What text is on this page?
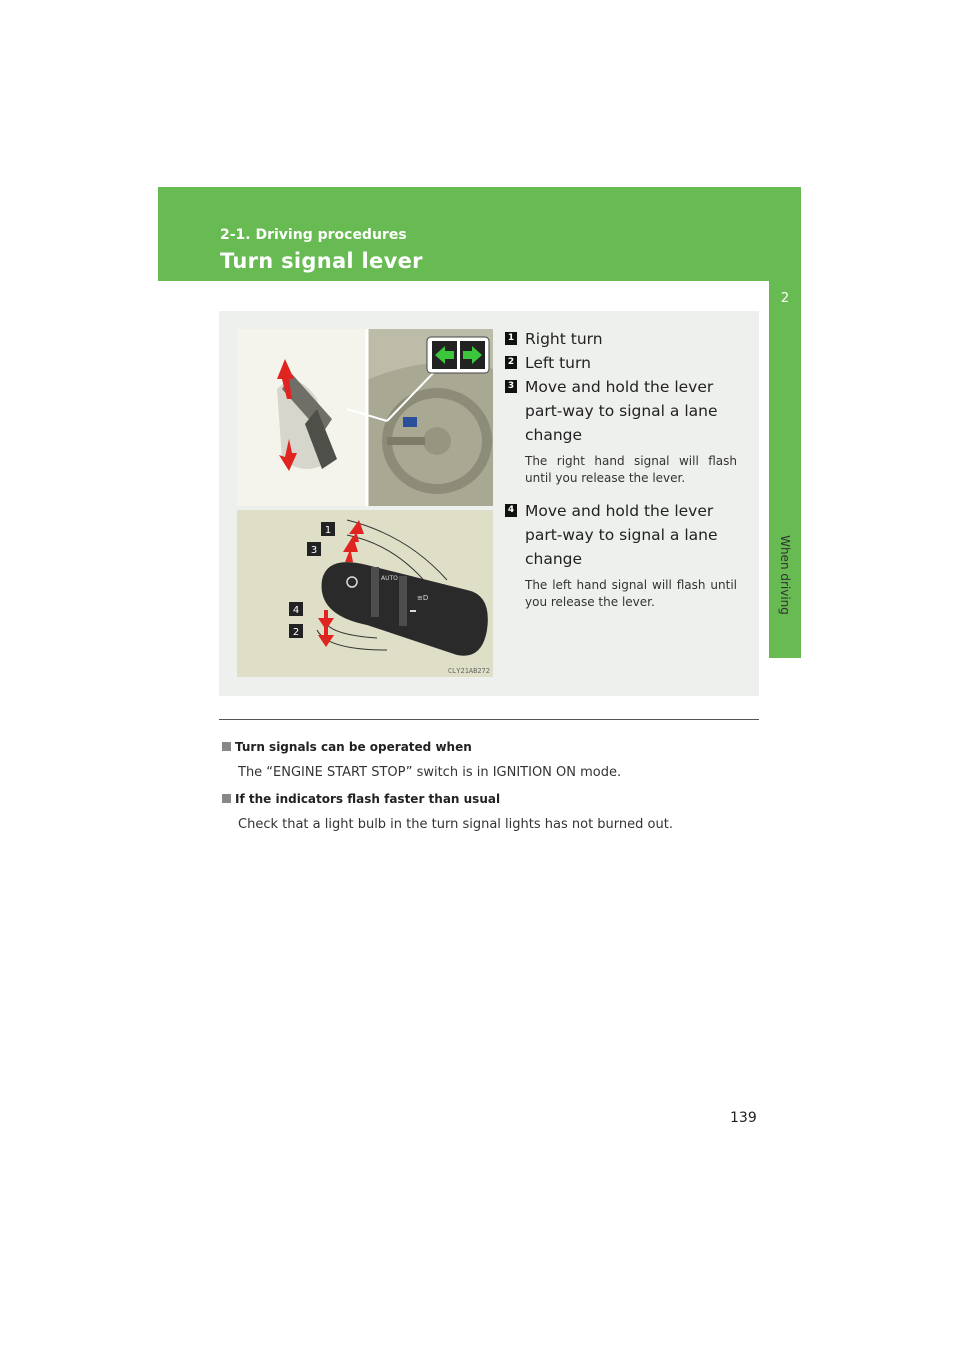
2-1. Driving procedures
Turn signal lever
2
When driving
AUTO
≡D
1
3
4
2
CLY21AB272
1 Right turn
2 Left turn
3 Move and hold the lever part-way to signal a lane change
The right hand signal will flash until you release the lever.
4 Move and hold the lever part-way to signal a lane change
The left hand signal will flash until you release the lever.
Turn signals can be operated when
The “ENGINE START STOP” switch is in IGNITION ON mode.
If the indicators flash faster than usual
Check that a light bulb in the turn signal lights has not burned out.
139
